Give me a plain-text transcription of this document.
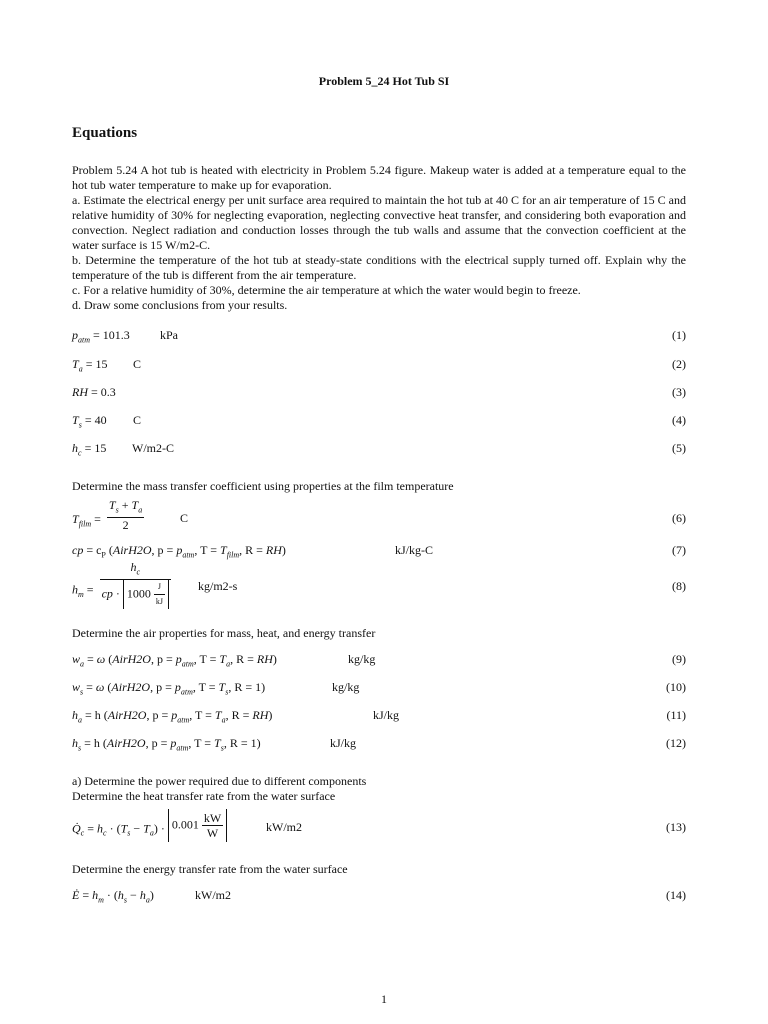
Problem 5_24 Hot Tub SI
Equations

Problem 5.24 A hot tub is heated with electricity in Problem 5.24 figure. Makeup water is added at a temperature equal to the hot tub water temperature to make up for evaporation.

a. Estimate the electrical energy per unit surface area required to maintain the hot tub at 40 C for an air temperature of 15 C and relative humidity of 30% for neglecting evaporation, neglecting convective heat transfer, and considering both evaporation and convection. Neglect radiation and conduction losses through the tub walls and assume that the convection coefficient at the water surface is 15 W/m2-C.

b. Determine the temperature of the hot tub at steady-state conditions with the electrical supply turned off. Explain why the temperature of the tub is different from the air temperature.

c. For a relative humidity of 30%, determine the air temperature at which the water would begin to freeze.

d. Draw some conclusions from your results.

$p_{atm} = 101.3$	kPa	(1)
$T_a = 15$ C	(2)
RH = 0.3	(3)
$T_s = 40$ C	(4)
$h_c = 15$ W/m2-C	(5)
Determine the mass transfer coefficient using properties at the film temperature
$T_{film} = \frac{T_s + T_a}{2}$	C	(6)
cp = $c_P$ (AirH2O, $p = p_{atm}$, $T = T_{film}$, R = RH)	kJ/kg-C	(7)
$h_m = \frac{h_c}{cp \cdot 1000 \frac{J}{kJ}} kg/m2-s$	(8)
Determine the air properties for mass, heat, and energy transfer
$w_a = \omega$ (AirH2O, $p = p_{atm}$, $T = T_a$, R = RH)	kg/kg	(9)
$w_s = \omega$ (AirH2O, $p = p_{atm}$, $T = T_s$, R = 1)	kg/kg	(10)
$h_a = h$ (AirH2O, $p = p_{atm}$, $T = T_a$, R = RH)	kJ/kg	(11)
$h_s = h$ (AirH2O, $p = p_{atm}$, $T = T_s$, R = 1)	kJ/kg	(12)
a) Determine the power required due to different components
Determine the heat transfer rate from the water surface
$Q̇_c = h_c \cdot (T_s - T_a) \cdot 0.001 \frac{kW}{W}$	kW/m2	(13)
Determine the energy transfer rate from the water surface
Ė = $h_m \cdot (h_s - h_a)$	kW/m2	(14)
1
